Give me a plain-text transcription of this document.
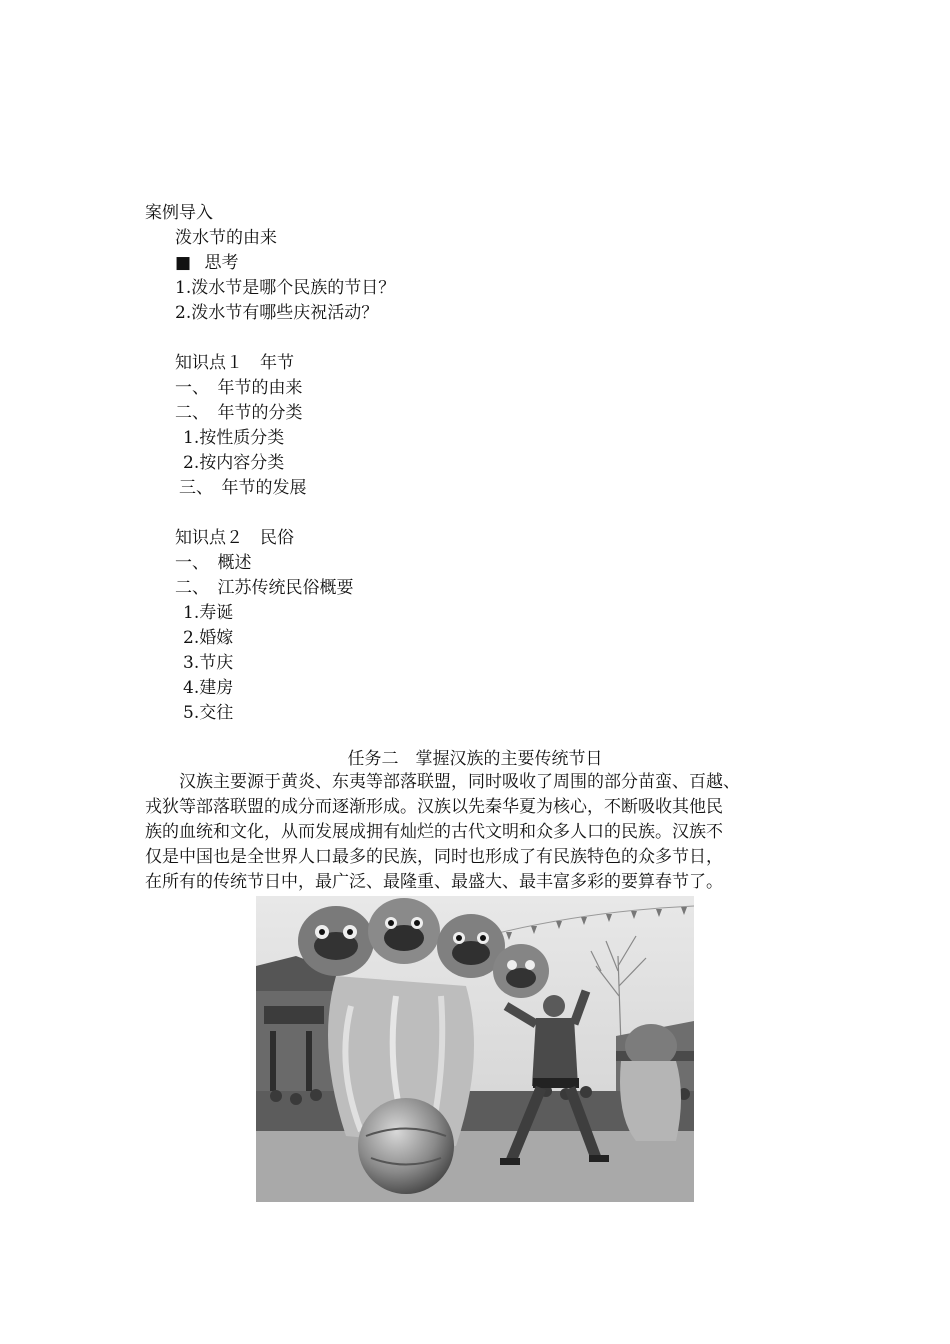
案例导入
泼水节的由来
■ 思考
1.泼水节是哪个民族的节日？
2.泼水节有哪些庆祝活动？
知识点１　年节
一、　年节的由来
二、　年节的分类
1.按性质分类
2.按内容分类
三、　年节的发展
知识点２　民俗
一、　概述
二、　江苏传统民俗概要
1.寿诞
2.婚嫁
3.节庆
4.建房
5.交往
任务二　掌握汉族的主要传统节日
汉族主要源于黄炎、东夷等部落联盟，同时吸收了周围的部分苗蛮、百越、
戎狄等部落联盟的成分而逐渐形成。汉族以先秦华夏为核心，不断吸收其他民
族的血统和文化，从而发展成拥有灿烂的古代文明和众多人口的民族。汉族不
仅是中国也是全世界人口最多的民族，同时也形成了有民族特色的众多节日，
在所有的传统节日中，最广泛、最隆重、最盛大、最丰富多彩的要算春节了。
